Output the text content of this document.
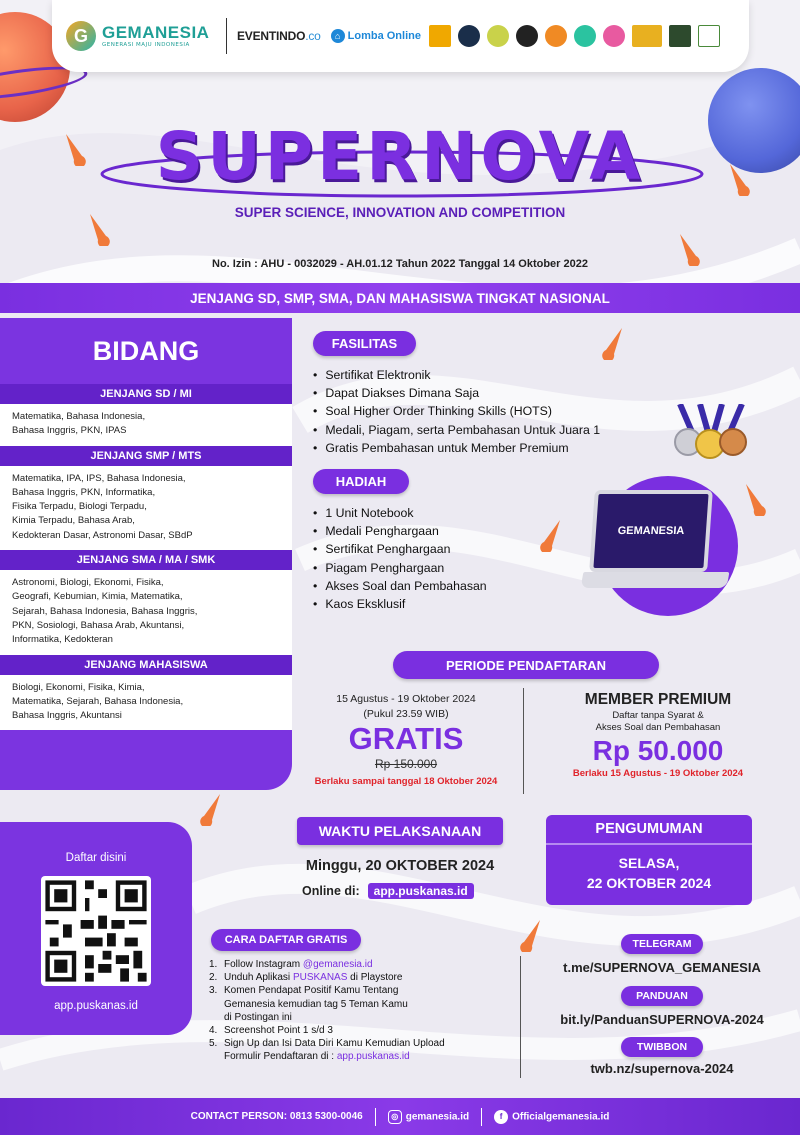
G GEMANESIA
GENERASI MAJU INDONESIA
EVENTINDO.co	⌂ Lomba Online
SUPERNOVA
SUPER SCIENCE, INNOVATION AND COMPETITION
No. Izin : AHU - 0032029 - AH.01.12 Tahun 2022 Tanggal 14 Oktober 2022
JENJANG SD, SMP, SMA, DAN MAHASISWA TINGKAT NASIONAL
BIDANG
JENJANG SD / MI
Matematika, Bahasa Indonesia,
Bahasa Inggris, PKN, IPAS
JENJANG SMP / MTS
Matematika, IPA, IPS, Bahasa Indonesia,
Bahasa Inggris, PKN, Informatika,
Fisika Terpadu, Biologi Terpadu,
Kimia Terpadu, Bahasa Arab,
Kedokteran Dasar, Astronomi Dasar, SBdP
JENJANG SMA / MA / SMK
Astronomi, Biologi, Ekonomi, Fisika,
Geografi, Kebumian, Kimia, Matematika,
Sejarah, Bahasa Indonesia, Bahasa Inggris,
PKN, Sosiologi, Bahasa Arab, Akuntansi,
Informatika, Kedokteran
JENJANG MAHASISWA
Biologi, Ekonomi, Fisika, Kimia,
Matematika, Sejarah, Bahasa Indonesia,
Bahasa Inggris, Akuntansi
FASILITAS
• Sertifikat Elektronik
• Dapat Diakses Dimana Saja
• Soal Higher Order Thinking Skills (HOTS)
• Medali, Piagam, serta Pembahasan Untuk Juara 1
• Gratis Pembahasan untuk Member Premium
HADIAH
• 1 Unit Notebook
• Medali Penghargaan
• Sertifikat Penghargaan
• Piagam Penghargaan
• Akses Soal dan Pembahasan
• Kaos Eksklusif
GEMANESIA
PERIODE PENDAFTARAN
15 Agustus - 19 Oktober 2024
(Pukul 23.59 WIB)
GRATIS
Rp 150.000
Berlaku sampai tanggal 18 Oktober 2024
MEMBER PREMIUM
Daftar tanpa Syarat &
Akses Soal dan Pembahasan
Rp 50.000
Berlaku 15 Agustus - 19 Oktober 2024
WAKTU PELAKSANAAN
Minggu, 20 OKTOBER 2024
Online di:	app.puskanas.id
PENGUMUMAN
SELASA,
22 OKTOBER 2024
Daftar disini
app.puskanas.id
CARA DAFTAR GRATIS
1. Follow Instagram @gemanesia.id
2. Unduh Aplikasi PUSKANAS di Playstore
3. Komen Pendapat Positif Kamu Tentang
Gemanesia kemudian tag 5 Teman Kamu
di Postingan ini
4. Screenshot Point 1 s/d 3
5. Sign Up dan Isi Data Diri Kamu Kemudian Upload
Formulir Pendaftaran di : app.puskanas.id
TELEGRAM
t.me/SUPERNOVA_GEMANESIA
PANDUAN
bit.ly/PanduanSUPERNOVA-2024
TWIBBON
twb.nz/supernova-2024
CONTACT PERSON: 0813 5300-0046	◎ gemanesia.id	f Officialgemanesia.id
